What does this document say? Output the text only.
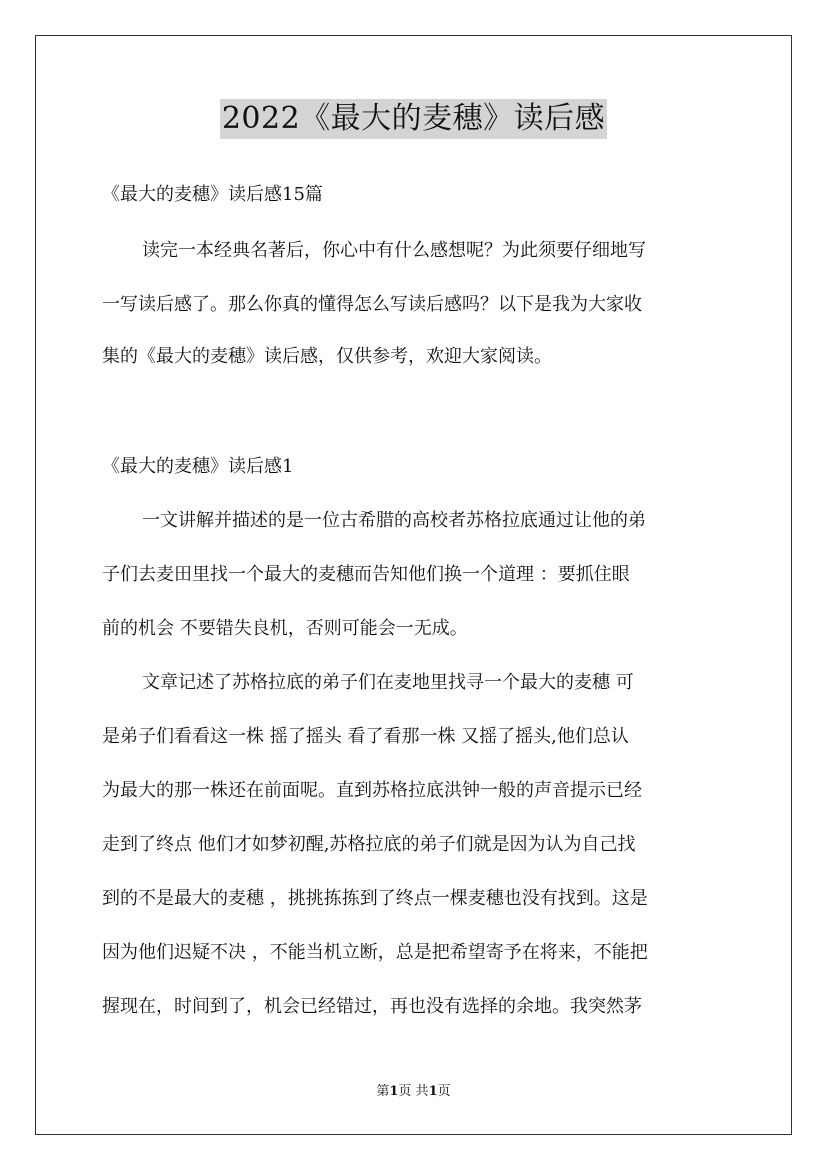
2022《最大的麦穗》读后感
《最大的麦穗》读后感15篇
读完一本经典名著后，你心中有什么感想呢？为此须要仔细地写
一写读后感了。那么你真的懂得怎么写读后感吗？以下是我为大家收
集的《最大的麦穗》读后感，仅供参考，欢迎大家阅读。
《最大的麦穗》读后感1
一文讲解并描述的是一位古希腊的高校者苏格拉底通过让他的弟
子们去麦田里找一个最大的麦穗而告知他们换一个道理 ：要抓住眼
前的机会 不要错失良机，否则可能会一无成。
文章记述了苏格拉底的弟子们在麦地里找寻一个最大的麦穗 可
是弟子们看看这一株 摇了摇头 看了看那一株 又摇了摇头,他们总认
为最大的那一株还在前面呢。直到苏格拉底洪钟一般的声音提示已经
走到了终点 他们才如梦初醒,苏格拉底的弟子们就是因为认为自己找
到的不是最大的麦穗 ，挑挑拣拣到了终点一棵麦穗也没有找到。这是
因为他们迟疑不决 ，不能当机立断，总是把希望寄予在将来，不能把
握现在，时间到了，机会已经错过，再也没有选择的余地。我突然茅
第1页 共1页
